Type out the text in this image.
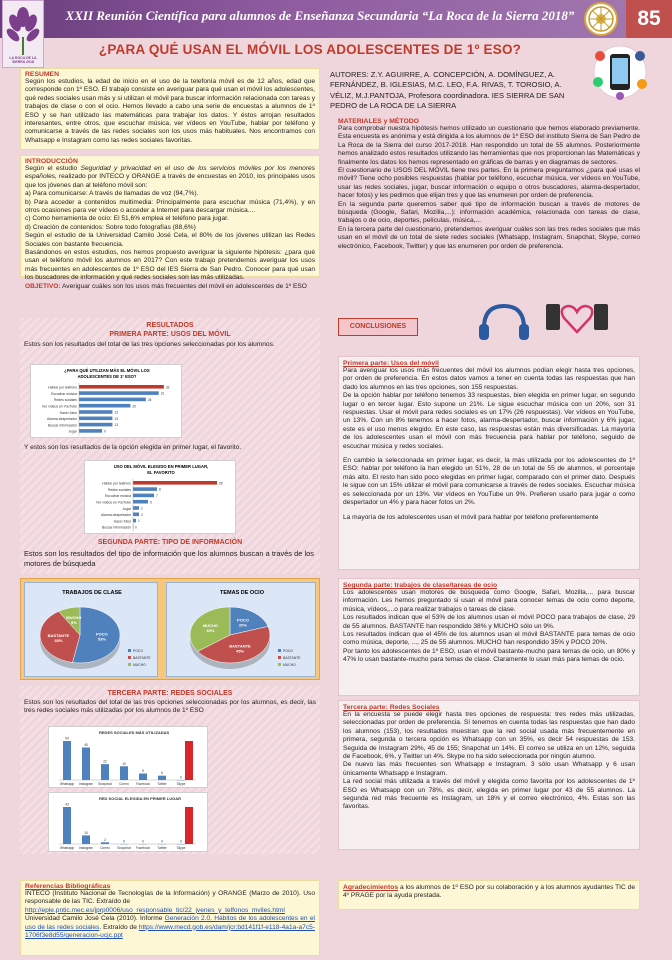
LA ROCA DE LA SIERRA 2018
XXII Reunión Científica para alumnos de Enseñanza Secundaria “La Roca de la Sierra 2018”	85
¿PARA QUÉ USAN EL MÓVIL LOS ADOLESCENTES DE 1º ESO?
RESUMEN
Según los estudios, la edad de inicio en el uso de la telefonía móvil es de 12 años, edad que corresponde con 1º ESO. El trabajo consiste en averiguar para qué usan el móvil los adolescentes, qué redes sociales usan más y si utilizan el móvil para buscar información relacionada con tareas y trabajos de clase o con el ocio. Hemos llevado a cabo una serie de encuestas a alumnos de 1º ESO y se han utilizado las matemáticas para trabajar los datos. Y éstos arrojan resultados interesantes, entre otros, que escuchar música, ver vídeos en YouTube, hablar por teléfono y comunicarse a través de las redes sociales son los usos más habituales. Nos encontramos con Whatsapp e Instagram como las redes sociales favoritas.
INTRODUCCIÓN
Según el estudio Seguridad y privacidad en el uso de los servicios móviles por los menores españoles, realizado por INTECO y ORANGE a través de encuestas en 2010, los principales usos que los jóvenes dan al teléfono móvil son:
a) Para comunicarse: A través de llamadas de voz (94,7%).
b) Para acceder a contenidos multimedia: Principalmente para escuchar música (71,4%), y en otros ocasiones para ver vídeos o acceder a Internet para descargar música....
c) Como herramienta de ocio: El 51,6% emplea el teléfono para jugar.
d) Creación de contenidos: Sobre todo fotografías (88,6%)
Según el estudio de la Universidad Camilo José Cela, el 80% de los jóvenes utilizan las Redes Sociales con bastante frecuencia.
Basándonos en estos estudios, nos hemos propuesto averiguar la siguiente hipótesis: ¿para qué usan el teléfono móvil los alumnos en 2017? Con este trabajo pretendemos averiguar los usos más frecuentes en adolescentes de 1º ESO del IES Sierra de San Pedro. Conocer para qué usan los buscadores de información y qué redes sociales son las más utilizadas.
OBJETIVO: Averiguar cuáles son los usos más frecuentes del móvil en adolescentes de 1º ESO
AUTORES: Z.Y. AGUIRRE, A. CONCEPCIÓN, A. DOMÍNGUEZ, A. FERNÁNDEZ, B. IGLESIAS, M.C. LEO, F.A. RIVAS, T. TOROSIO, A. VÉLIZ, M.J.PANTOJA, Profesora coordinadora. IES SIERRA DE SAN PEDRO de LA ROCA DE LA SIERRA
MATERIALES y MÉTODO
Para comprobar nuestra hipótesis hemos utilizado un cuestionario que hemos elaborado previamente. Esta encuesta es anónima y está dirigida a los alumnos de 1º ESO del instituto Sierra de San Pedro de La Roca de la Sierra del curso 2017-2018. Han respondido un total de 55 alumnos. Posteriormente hemos analizado estos resultados utilizando las herramientas que nos proporcionan las Matemáticas y finalmente los datos los hemos representado en gráficas de barras y en diagramas de sectores.
El cuestionario de USOS DEL MÓVIL tiene tres partes. En la primera preguntamos ¿para qué usas el móvil? Tiene ocho posibles respuestas (hablar por teléfono, escuchar música, ver vídeos en YouTube, usar las redes sociales, jugar, buscar información o equipo o otros buscadores, alarma-despertador, hacer fotos) y les pedimos que elijan tres y que las enumeren por orden de preferencia.
En la segunda parte queremos saber qué tipo de información buscan a través de motores de búsqueda (Google, Safari, Mozilla,...): información académica, relacionada con tareas de clase, trabajos o de ocio, deportes, películas, música,...
En la tercera parte del cuestionario, pretendemos averiguar cuáles son las tres redes sociales que más usan en el móvil de un total de siete redes sociales (Whatsapp, Instagram, Snapchat, Skype, correo electrónico, Facebook, Twitter) y que las enumeren por orden de preferencia.
RESULTADOS
PRIMERA PARTE: USOS DEL MÓVIL
Estos son los resultados del total de las tres opciones seleccionadas por los alumnos.
¿PARA QUÉ UTILIZAN MÁS EL MÓVIL LOS
ADOLESCENTES DE 1º ESO?
Hablar por teléfono	33
Escuchar música	31
Redes sociales	26
Ver vídeos en YouTube	20
Hacer fotos	13
Alarma-despertador	13
Buscar información	13
Jugar	9
Y estos son los resultados de la opción elegida en primer lugar, el favorito.
USO DEL MÓVIL ELEGIDO EN PRIMER LUGAR,
EL FAVORITO
Hablar por teléfono	28
Redes sociales	8
Escuchar música	7
Ver vídeos en YouTube	5
Jugar	2
Alarma-despertador	2
Hacer fotos 1
Buscar información 0
SEGUNDA PARTE: TIPO DE INFORMACIÓN
Estos son los resultados del tipo de información que los alumnos buscan a través de los motores de búsqueda
TRABAJOS DE CLASE
POCO
53%
BASTANTE
38%
MUCHO
9%
POCO
BASTANTE
MUCHO
TEMAS DE OCIO
POCO
20%
BASTANTE
45%
MUCHO
35%
POCO
BASTANTE
MUCHO
TERCERA PARTE: REDES SOCIALES
Estos son los resultados del total de las tres opciones seleccionadas por los alumnos, es decir, las tres redes sociales más utilizadas por los alumnos de 1º ESO
REDES SOCIALES MÁS UTILIZADAS
54
Whatsapp
45
Instagram
22
Snapchat
19
Correo
9
Facebook
6
Twitter
0
Skype
RED SOCIAL ELEGIDA EN PRIMER LUGAR
43
Whatsapp
10
Instagram
2
Correo
0
Snapchat
0
Facebook
0
Twitter
0
Skype
Referencias Bibliográficas
INTECO (Instituto Nacional de Tecnologías de la Información) y ORANGE (Marzo de 2010). Uso responsable de las TIC. Extraído de
http://eple.pntic.mec.es/jprp0006/uso_responsable_tic/22_jvenes_y_telfonos_mviles.html
Universidad Camilo José Cela (2010). Informe Generación 2.0. Hábitos de los adolescentes en el uso de las redes sociales. Extraído de https://www.mecd.gob.es/dam/jcr:bd141f1f-e118-4a1a-a7c5-1706f3e8d55/generacion-ucjc.ppt
CONCLUSIONES
Primera parte: Usos del móvil
Para averiguar los usos más frecuentes del móvil los alumnos podían elegir hasta tres opciones, por orden de preferencia. En estos datos vamos a tener en cuenta todas las respuestas que han dado los alumnos en las tres opciones, son 155 respuestas.
De la opción hablar por teléfono tenemos 33 respuestas, bien elegida en primer lugar, en segundo lugar o en tercer lugar. Esto supone un 21%. Le sigue escuchar música con un 20%, son 31 respuestas. Usar el móvil para redes sociales es un 17% (26 respuestas). Ver vídeos en YouTube, un 13%. Con un 8% tenemos a hacer fotos, alarma-despertador, buscar información y 6% jugar, este es el uso menos elegido. En este caso, las respuestas están más diversificadas. La mayoría de los adolescentes usan el móvil con más frecuencia para hablar por teléfono, seguido de escuchar música y redes sociales.
En cambio la seleccionada en primer lugar, es decir, la más utilizada por los adolescentes de 1º ESO: hablar por teléfono la han elegido un 51%, 28 de un total de 55 de alumnos, el porcentaje más alto. El resto han sido poco elegidas en primer lugar, comparado con el primer dato. Después le sigue con un 15% utilizar el móvil para comunicarse a través de redes sociales. Escuchar música es seleccionada por un 13%. Ver vídeos en YouTube un 9%. Prefieren usarlo para jugar o como despertador un 4% y para hacer fotos un 2%.
La mayoría de los adolescentes usan el móvil para hablar por teléfono preferentemente
Segunda parte: trabajos de clase/tareas de ocio
Los adolescentes usan motores de búsqueda como Google, Safari, Mozilla,... para buscar información. Les hemos preguntado si usan el móvil para conocer temas de ocio como deporte, música, vídeos,...o para realizar trabajos o tareas de clase.
Los resultados indican que el 53% de los alumnos usan el móvil POCO para trabajos de clase, 29 de 55 alumnos. BASTANTE han respondido 38% y MUCHO sólo un 9%.
Los resultados indican que el 45% de los alumnos usan el móvil BASTANTE para temas de ocio como música, deporte, ..., 25 de 55 alumnos. MUCHO han respondido 35% y POCO 20%.
Por tanto los adolescentes de 1º ESO, usan el móvil bastante-mucho para temas de ocio, un 80% y 47% lo usan bastante-mucho para temas de clase. Claramente lo usan más para temas de ocio.
Tercera parte: Redes Sociales
En la encuesta se puede elegir hasta tres opciones de respuesta: tres redes más utilizadas, seleccionadas por orden de preferencia. Sí tenemos en cuenta todas las respuestas que han dado los alumnos (153), los resultados muestran que la red social usada más frecuentemente en primera, segunda o tercera opción es Whatsapp con un 35%, es decir 54 respuestas de 153. Seguida de Instagram 29%, 45 de 155; Snapchat un 14%. El correo se utiliza en un 12%, seguida de Facebook, 6%, y Twitter un 4%. Skype no ha sido seleccionada por ningún alumno.
De nuevo las más frecuentes son Whatsapp e Instagram. 3 sólo usan Whatsapp y 6 usan únicamente Whatsapp e Instagram.
La red social más utilizada a través del móvil y elegida como favorita por los adolescentes de 1º ESO es Whatsapp con un 78%, es decir, elegida en primer lugar por 43 de 55 alumnos. La segunda red más frecuente es Instagram, un 18% y el correo electrónico, 4%. Estas son las favoritas.
Agradecimientos a los alumnos de 1º ESO por su colaboración y a los alumnos ayudantes TIC de 4º PRAGE por la ayuda prestada.
